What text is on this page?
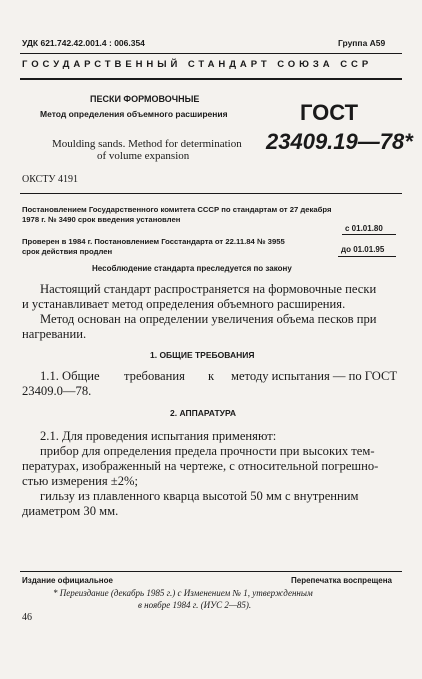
УДК 621.742.42.001.4 : 006.354	Группа А59
ГОСУДАРСТВЕННЫЙ СТАНДАРТ СОЮЗА ССР
ПЕСКИ ФОРМОВОЧНЫЕ
Метод определения объемного расширения
Moulding sands. Method for determination
of volume expansion
ГОСТ
23409.19—78*
ОКСТУ 4191
Постановлением Государственного комитета СССР по стандартам от 27 декабря
1978 г. № 3490 срок введения установлен
с 01.01.80
Проверен в 1984 г. Постановлением Госстандарта от 22.11.84 № 3955
срок действия продлен	до 01.01.95
Несоблюдение стандарта преследуется по закону
Настоящий стандарт распространяется на формовочные пески
и устанавливает метод определения объемного расширения.
Метод основан на определении увеличения объема песков при
нагревании.
1. ОБЩИЕ ТРЕБОВАНИЯ
1.1. Общие требования к методу испытания — по ГОСТ
23409.0—78.
2. АППАРАТУРА
2.1. Для проведения испытания применяют:
прибор для определения предела прочности при высоких тем-
пературах, изображенный на чертеже, с относительной погрешно-
стью измерения ±2%;
гильзу из плавленного кварца высотой 50 мм с внутренним
диаметром 30 мм.
Издание официальное	Перепечатка воспрещена
* Переиздание (декабрь 1985 г.) с Изменением № 1, утвержденным
в ноябре 1984 г. (ИУС 2—85).
46
